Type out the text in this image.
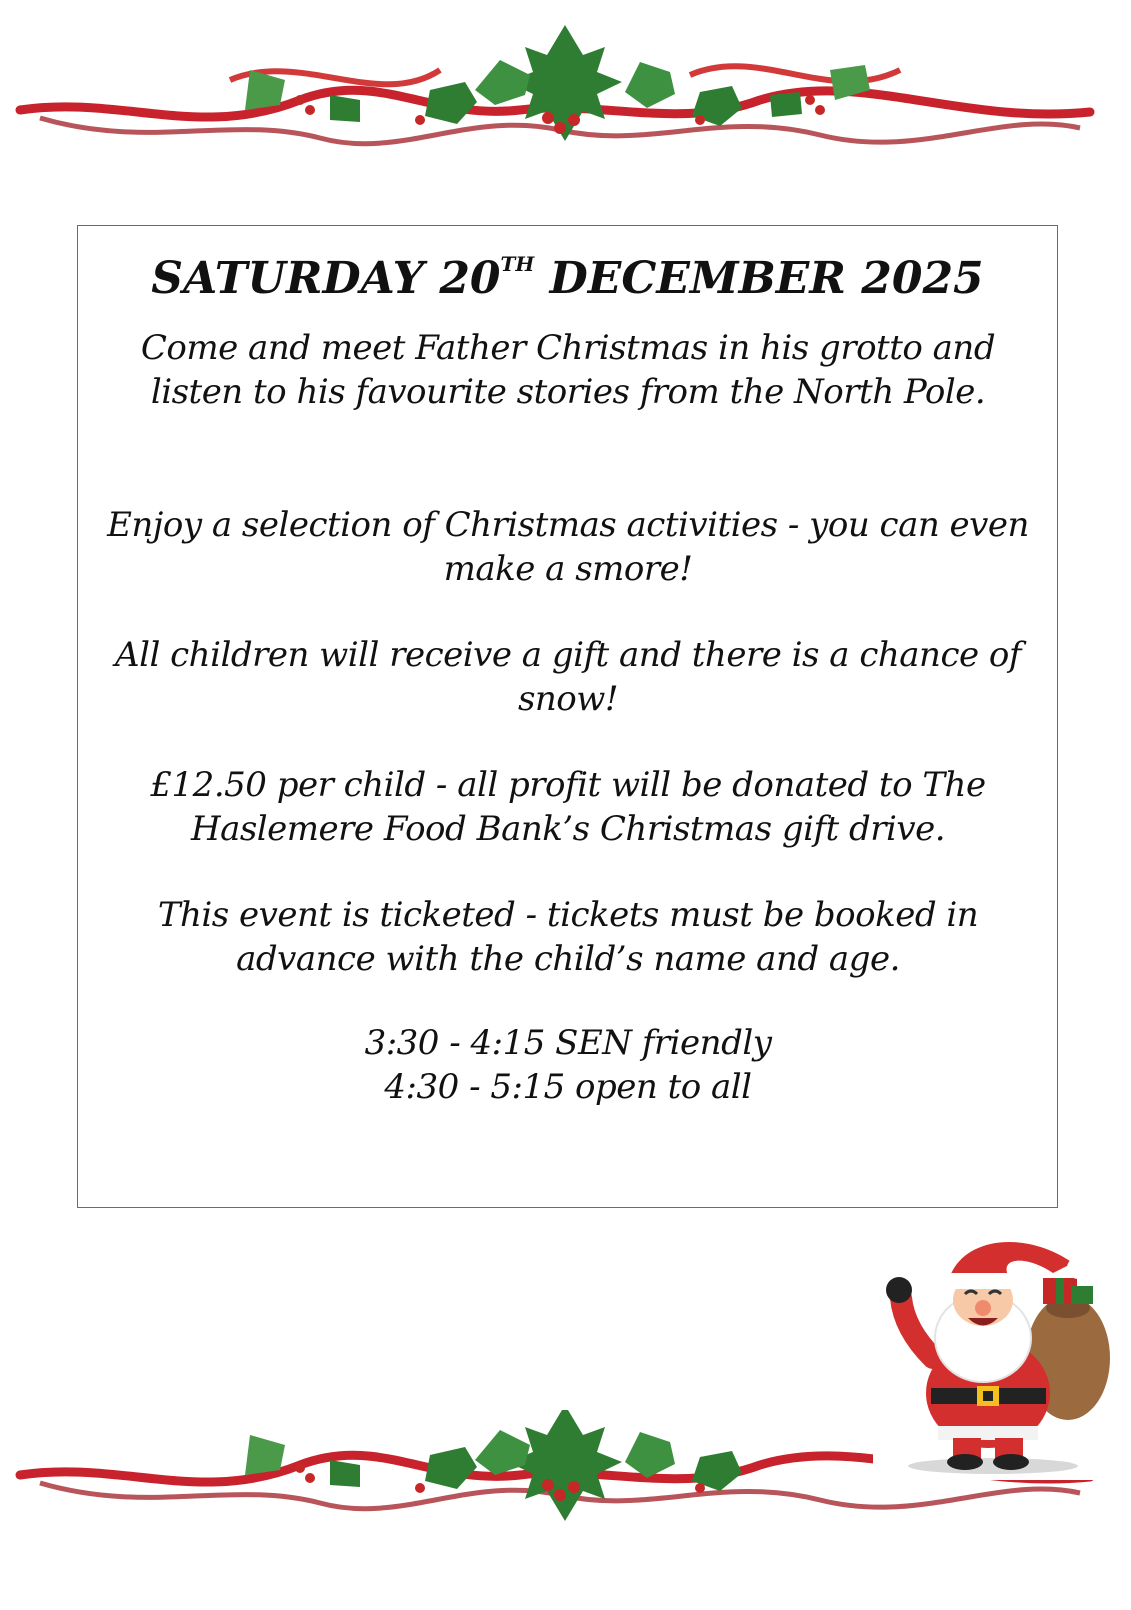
SATURDAY 20TH DECEMBER 2025

Come and meet Father Christmas in his grotto and listen to his favourite stories from the North Pole.

Enjoy a selection of Christmas activities - you can even make a smore!

All children will receive a gift and there is a chance of snow!

£12.50 per child - all profit will be donated to The Haslemere Food Bank’s Christmas gift drive.

This event is ticketed - tickets must be booked in advance with the child’s name and age.

3:30 - 4:15 SEN friendly

4:30 - 5:15 open to all
